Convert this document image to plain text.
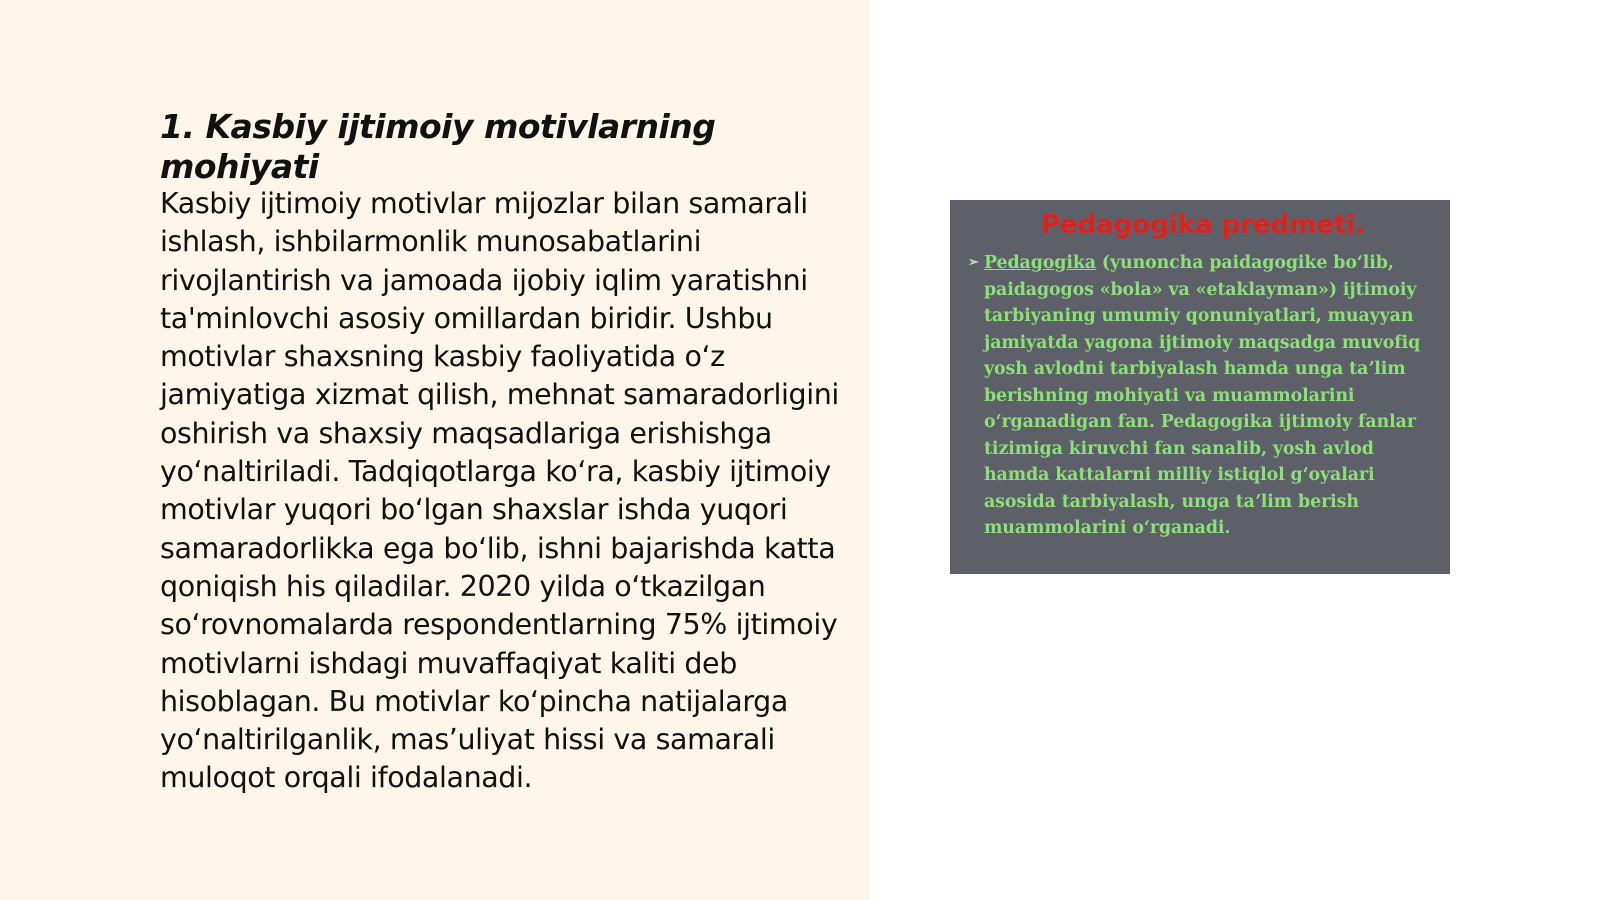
1. Kasbiy ijtimoiy motivlarning mohiyati

Kasbiy ijtimoiy motivlar mijozlar bilan samarali ishlash, ishbilarmonlik munosabatlarini rivojlantirish va jamoada ijobiy iqlim yaratishni ta'minlovchi asosiy omillardan biridir. Ushbu motivlar shaxsning kasbiy faoliyatida oʻz jamiyatiga xizmat qilish, mehnat samaradorligini oshirish va shaxsiy maqsadlariga erishishga yoʻnaltiriladi. Tadqiqotlarga koʻra, kasbiy ijtimoiy motivlar yuqori boʻlgan shaxslar ishda yuqori samaradorlikka ega boʻlib, ishni bajarishda katta qoniqish his qiladilar. 2020 yilda oʻtkazilgan soʻrovnomalarda respondentlarning 75% ijtimoiy motivlarni ishdagi muvaffaqiyat kaliti deb hisoblagan. Bu motivlar koʻpincha natijalarga yoʻnaltirilganlik, masʼuliyat hissi va samarali muloqot orqali ifodalanadi.

Pedagogika predmeti.
➢ Pedagogika (yunoncha paidagogike boʻlib, paidagogos «bola» va «etaklayman») ijtimoiy tarbiyaning umumiy qonuniyatlari, muayyan jamiyatda yagona ijtimoiy maqsadga muvofiq yosh avlodni tarbiyalash hamda unga taʼlim berishning mohiyati va muammolarini oʻrganadigan fan. Pedagogika ijtimoiy fanlar tizimiga kiruvchi fan sanalib, yosh avlod hamda kattalarni milliy istiqlol gʻoyalari asosida tarbiyalash, unga taʼlim berish muammolarini oʻrganadi.
